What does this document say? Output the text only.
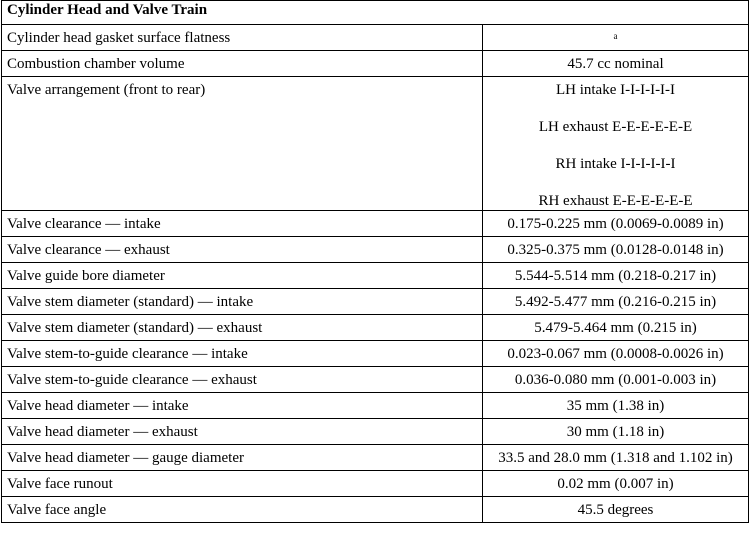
Cylinder Head and Valve Train	
Cylinder head gasket surface flatness	a
Combustion chamber volume	45.7 cc nominal
Valve arrangement (front to rear)	LH intake I-I-I-I-I-I
LH exhaust E-E-E-E-E-E
RH intake I-I-I-I-I-I
RH exhaust E-E-E-E-E-E

Valve clearance — intake	0.175-0.225 mm (0.0069-0.0089 in)
Valve clearance — exhaust	0.325-0.375 mm (0.0128-0.0148 in)
Valve guide bore diameter	5.544-5.514 mm (0.218-0.217 in)
Valve stem diameter (standard) — intake	5.492-5.477 mm (0.216-0.215 in)
Valve stem diameter (standard) — exhaust	5.479-5.464 mm (0.215 in)
Valve stem-to-guide clearance — intake	0.023-0.067 mm (0.0008-0.0026 in)
Valve stem-to-guide clearance — exhaust	0.036-0.080 mm (0.001-0.003 in)
Valve head diameter — intake	35 mm (1.38 in)
Valve head diameter — exhaust	30 mm (1.18 in)
Valve head diameter — gauge diameter	33.5 and 28.0 mm (1.318 and 1.102 in)
Valve face runout	0.02 mm (0.007 in)
Valve face angle	45.5 degrees
